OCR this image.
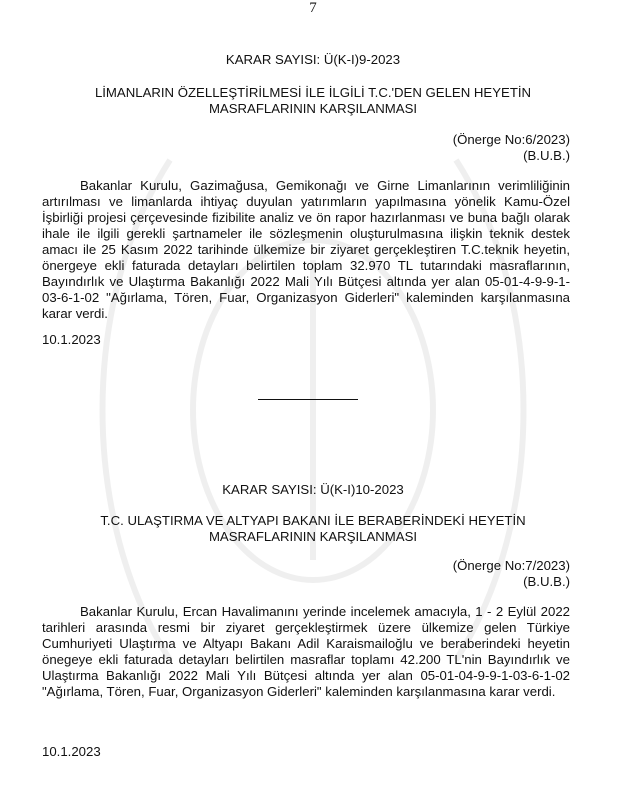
7
KARAR SAYISI: Ü(K-I)9-2023
LİMANLARIN ÖZELLEŞTİRİLMESİ İLE İLGİLİ T.C.'DEN GELEN HEYETİN
MASRAFLARININ KARŞILANMASI
(Önerge No:6/2023)
(B.U.B.)
Bakanlar Kurulu, Gazimağusa, Gemikonağı ve Girne Limanlarının verimliliğinin artırılması ve limanlarda ihtiyaç duyulan yatırımların yapılmasına yönelik Kamu-Özel İşbirliği projesi çerçevesinde fizibilite analiz ve ön rapor hazırlanması ve buna bağlı olarak ihale ile ilgili gerekli şartnameler ile sözleşmenin oluşturulmasına ilişkin teknik destek amacı ile 25 Kasım 2022 tarihinde ülkemize bir ziyaret gerçekleştiren T.C.teknik heyetin, önergeye ekli faturada detayları belirtilen toplam 32.970 TL tutarındaki masraflarının, Bayındırlık ve Ulaştırma Bakanlığı 2022 Mali Yılı Bütçesi altında yer alan 05-01-4-9-9-1-03-6-1-02 "Ağırlama, Tören, Fuar, Organizasyon Giderleri" kaleminden karşılanmasına karar verdi.
10.1.2023
KARAR SAYISI: Ü(K-I)10-2023
T.C. ULAŞTIRMA VE ALTYAPI BAKANI İLE BERABERİNDEKİ HEYETİN
MASRAFLARININ KARŞILANMASI
(Önerge No:7/2023)
(B.U.B.)
Bakanlar Kurulu, Ercan Havalimanını yerinde incelemek amacıyla, 1 - 2 Eylül 2022 tarihleri arasında resmi bir ziyaret gerçekleştirmek üzere ülkemize gelen Türkiye Cumhuriyeti Ulaştırma ve Altyapı Bakanı Adil Karaismailoğlu ve beraberindeki heyetin önegeye ekli faturada detayları belirtilen masraflar toplamı 42.200 TL'nin Bayındırlık ve Ulaştırma Bakanlığı 2022 Mali Yılı Bütçesi altında yer alan 05-01-04-9-9-1-03-6-1-02 "Ağırlama, Tören, Fuar, Organizasyon Giderleri" kaleminden karşılanmasına karar verdi.
10.1.2023
